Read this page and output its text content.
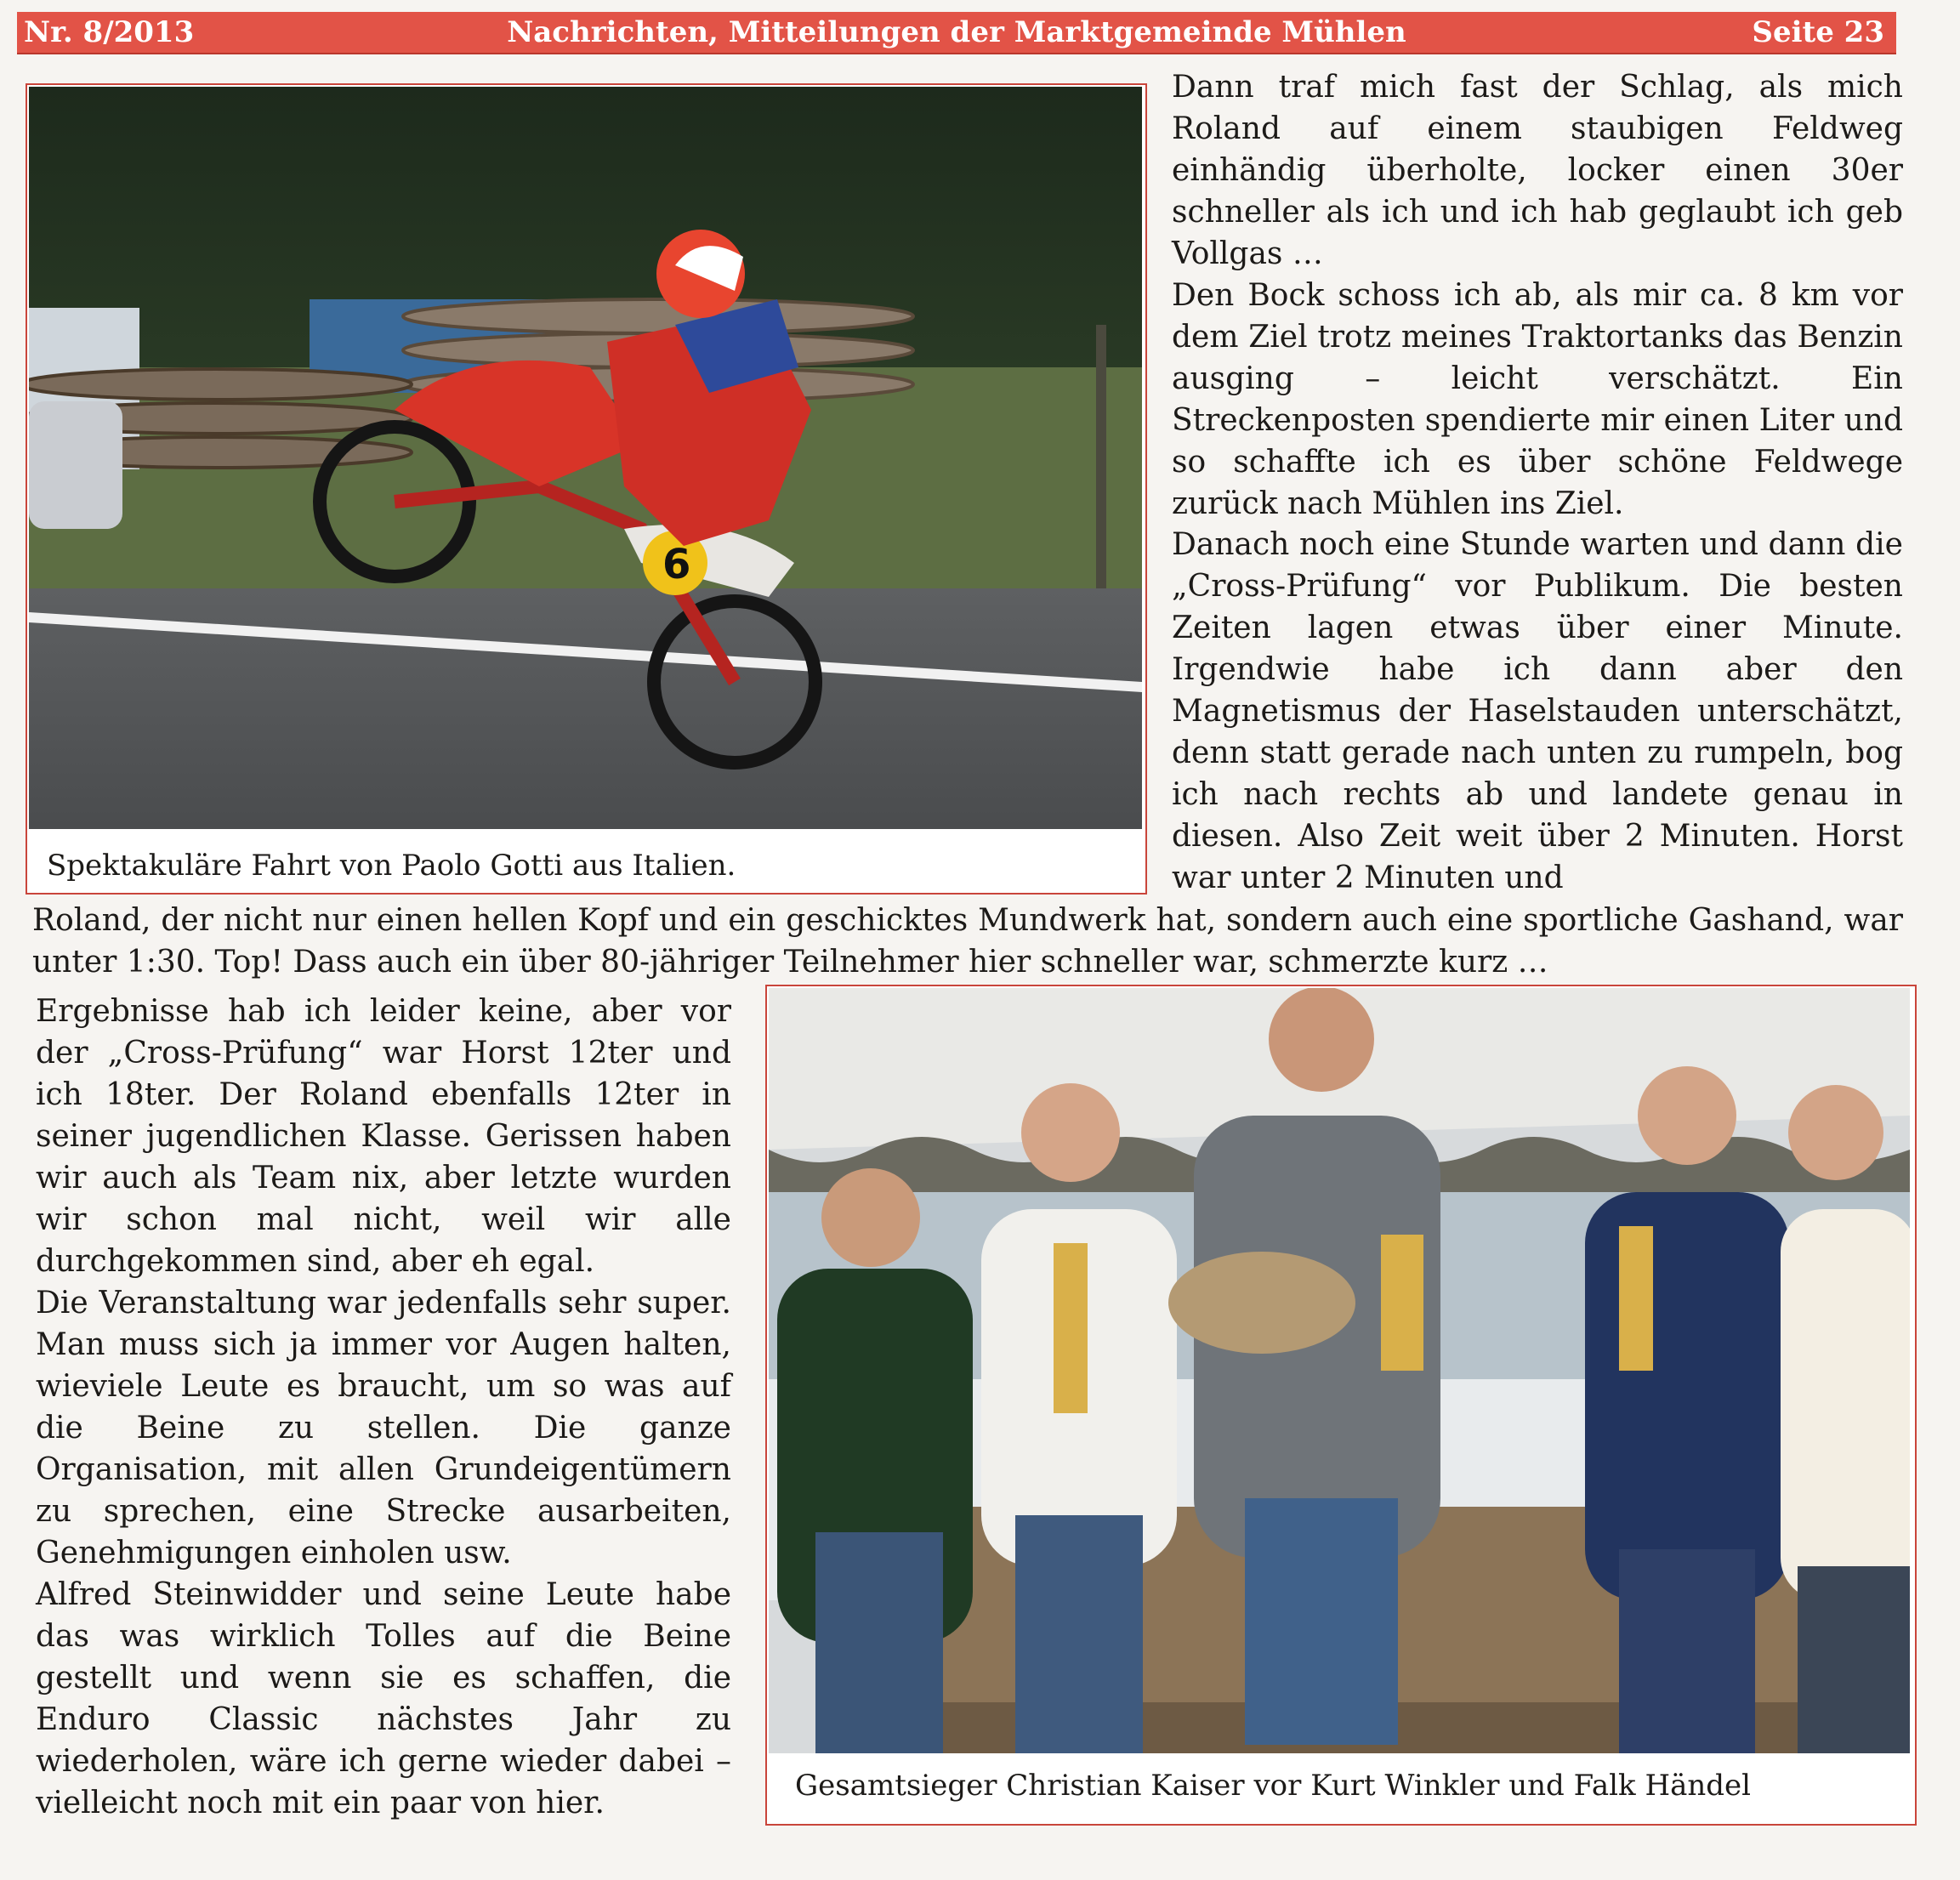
Nr. 8/2013	Nachrichten, Mitteilungen der Marktgemeinde Mühlen	Seite 23
6
Spektakuläre Fahrt von Paolo Gotti aus Italien.

Dann traf mich fast der Schlag, als mich Roland auf einem staubigen Feldweg einhändig überholte, locker einen 30er schneller als ich und ich hab geglaubt ich geb Vollgas …

Den Bock schoss ich ab, als mir ca. 8 km vor dem Ziel trotz meines Traktortanks das Benzin ausging – leicht verschätzt. Ein Streckenposten spendierte mir einen Liter und so schaffte ich es über schöne Feldwege zurück nach Mühlen ins Ziel.

Danach noch eine Stunde warten und dann die „Cross-Prüfung“ vor Publikum. Die besten Zeiten lagen etwas über einer Minute. Irgendwie habe ich dann aber den Magnetismus der Haselstauden unterschätzt, denn statt gerade nach unten zu rumpeln, bog ich nach rechts ab und landete genau in diesen. Also Zeit weit über 2 Minuten. Horst war unter 2 Minuten und

Roland, der nicht nur einen hellen Kopf und ein geschicktes Mundwerk hat, sondern auch eine sportliche Gashand, war unter 1:30. Top! Dass auch ein über 80-jähriger Teilnehmer hier schneller war, schmerzte kurz …

Ergebnisse hab ich leider keine, aber vor der „Cross-Prüfung“ war Horst 12ter und ich 18ter. Der Roland ebenfalls 12ter in seiner jugendlichen Klasse. Gerissen haben wir auch als Team nix, aber letzte wurden wir schon mal nicht, weil wir alle durchgekommen sind, aber eh egal.

Die Veranstaltung war jedenfalls sehr super. Man muss sich ja immer vor Augen halten, wieviele Leute es braucht, um so was auf die Beine zu stellen. Die ganze Organisation, mit allen Grundeigentümern zu sprechen, eine Strecke ausarbeiten, Genehmigungen einholen usw.

Alfred Steinwidder und seine Leute habe das was wirklich Tolles auf die Beine gestellt und wenn sie es schaffen, die Enduro Classic nächstes Jahr zu wiederholen, wäre ich gerne wieder dabei – vielleicht noch mit ein paar von hier.	Gesamtsieger Christian Kaiser vor Kurt Winkler und Falk Händel
